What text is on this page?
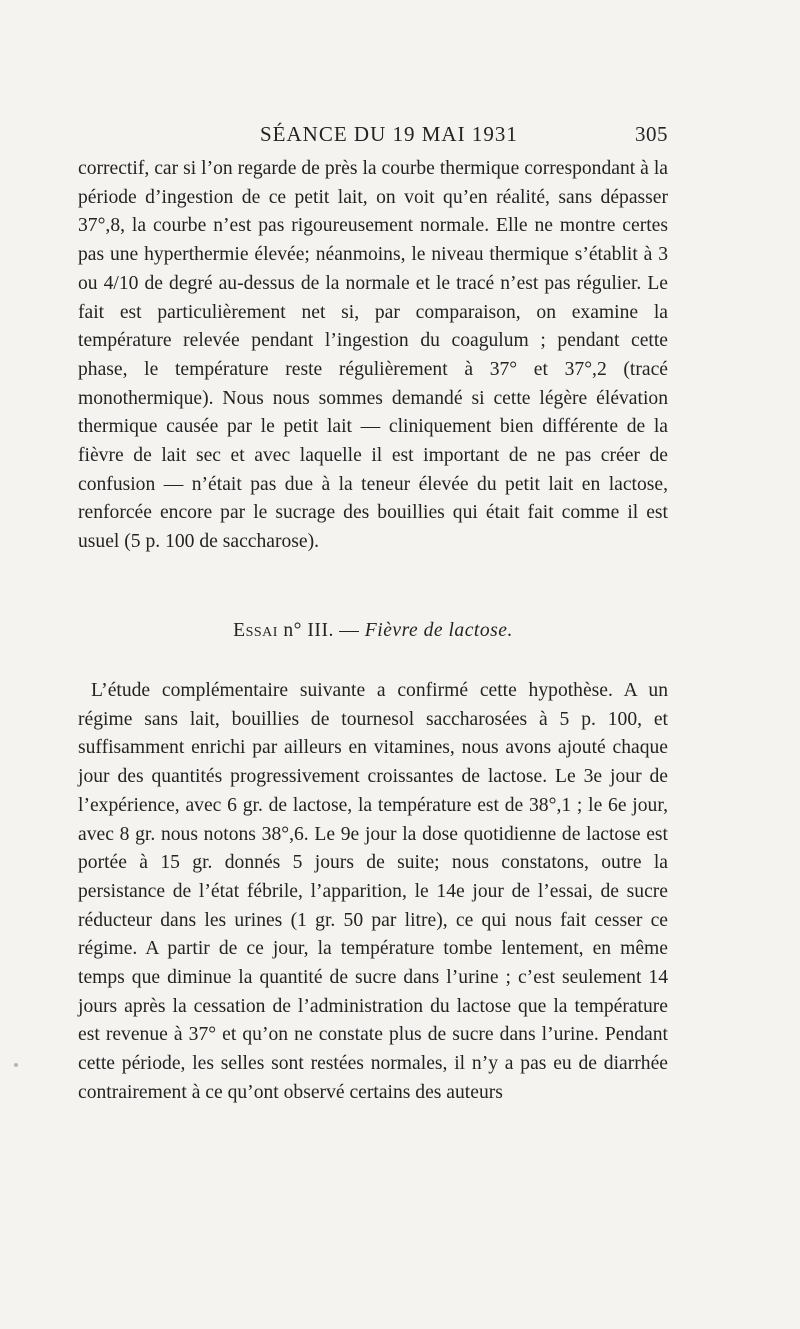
SÉANCE DU 19 MAI 1931	305
correctif, car si l’on regarde de près la courbe thermique correspondant à la période d’ingestion de ce petit lait, on voit qu’en réalité, sans dépasser 37°,8, la courbe n’est pas rigoureusement normale. Elle ne montre certes pas une hyperthermie élevée; néanmoins, le niveau thermique s’établit à 3 ou 4/10 de degré au-dessus de la normale et le tracé n’est pas régulier. Le fait est particulièrement net si, par comparaison, on examine la température relevée pendant l’ingestion du coagulum ; pendant cette phase, le température reste régulièrement à 37° et 37°,2 (tracé monothermique). Nous nous sommes demandé si cette légère élévation thermique causée par le petit lait — cliniquement bien différente de la fièvre de lait sec et avec laquelle il est important de ne pas créer de confusion — n’était pas due à la teneur élevée du petit lait en lactose, renforcée encore par le sucrage des bouillies qui était fait comme il est usuel (5 p. 100 de saccharose).
Essai n° III. — Fièvre de lactose.
L’étude complémentaire suivante a confirmé cette hypothèse. A un régime sans lait, bouillies de tournesol saccharosées à 5 p. 100, et suffisamment enrichi par ailleurs en vitamines, nous avons ajouté chaque jour des quantités progressivement croissantes de lactose. Le 3e jour de l’expérience, avec 6 gr. de lactose, la température est de 38°,1 ; le 6e jour, avec 8 gr. nous notons 38°,6. Le 9e jour la dose quotidienne de lactose est portée à 15 gr. donnés 5 jours de suite; nous constatons, outre la persistance de l’état fébrile, l’apparition, le 14e jour de l’essai, de sucre réducteur dans les urines (1 gr. 50 par litre), ce qui nous fait cesser ce régime. A partir de ce jour, la température tombe lentement, en même temps que diminue la quantité de sucre dans l’urine ; c’est seulement 14 jours après la cessation de l’administration du lactose que la température est revenue à 37° et qu’on ne constate plus de sucre dans l’urine. Pendant cette période, les selles sont restées normales, il n’y a pas eu de diarrhée contrairement à ce qu’ont observé certains des auteurs
